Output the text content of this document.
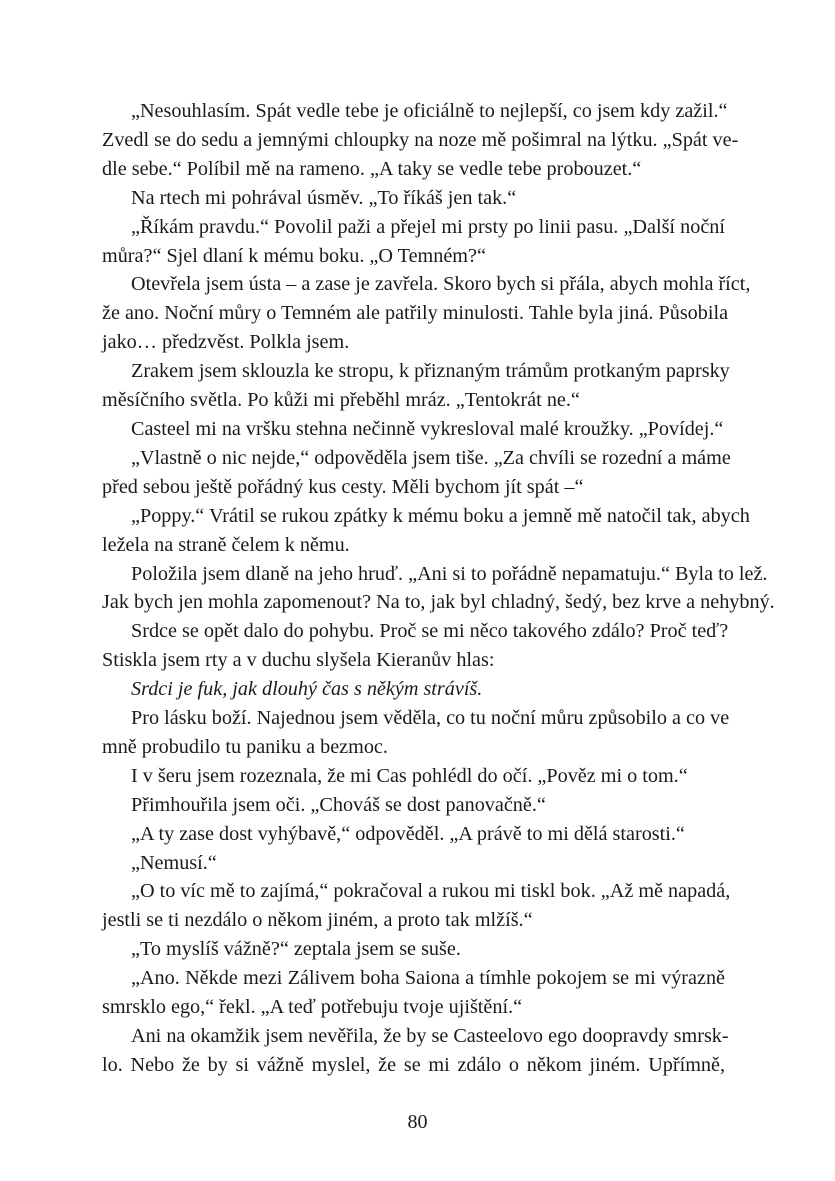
„Nesouhlasím. Spát vedle tebe je oficiálně to nejlepší, co jsem kdy zažil.“
Zvedl se do sedu a jemnými chloupky na noze mě pošimral na lýtku. „Spát ve-
dle sebe.“ Políbil mě na rameno. „A taky se vedle tebe probouzet.“
Na rtech mi pohrával úsměv. „To říkáš jen tak.“
„Říkám pravdu.“ Povolil paži a přejel mi prsty po linii pasu. „Další noční
můra?“ Sjel dlaní k mému boku. „O Temném?“
Otevřela jsem ústa – a zase je zavřela. Skoro bych si přála, abych mohla říct,
že ano. Noční můry o Temném ale patřily minulosti. Tahle byla jiná. Působila
jako… předzvěst. Polkla jsem.
Zrakem jsem sklouzla ke stropu, k přiznaným trámům protkaným paprsky
měsíčního světla. Po kůži mi přeběhl mráz. „Tentokrát ne.“
Casteel mi na vršku stehna nečinně vykresloval malé kroužky. „Povídej.“
„Vlastně o nic nejde,“ odpověděla jsem tiše. „Za chvíli se rozední a máme
před sebou ještě pořádný kus cesty. Měli bychom jít spát –“
„Poppy.“ Vrátil se rukou zpátky k mému boku a jemně mě natočil tak, abych
ležela na straně čelem k němu.
Položila jsem dlaně na jeho hruď. „Ani si to pořádně nepamatuju.“ Byla to lež.
Jak bych jen mohla zapomenout? Na to, jak byl chladný, šedý, bez krve a nehybný.
Srdce se opět dalo do pohybu. Proč se mi něco takového zdálo? Proč teď?
Stiskla jsem rty a v duchu slyšela Kieranův hlas:
Srdci je fuk, jak dlouhý čas s někým strávíš.
Pro lásku boží. Najednou jsem věděla, co tu noční můru způsobilo a co ve
mně probudilo tu paniku a bezmoc.
I v šeru jsem rozeznala, že mi Cas pohlédl do očí. „Pověz mi o tom.“
Přimhouřila jsem oči. „Chováš se dost panovačně.“
„A ty zase dost vyhýbavě,“ odpověděl. „A právě to mi dělá starosti.“
„Nemusí.“
„O to víc mě to zajímá,“ pokračoval a rukou mi tiskl bok. „Až mě napadá,
jestli se ti nezdálo o někom jiném, a proto tak mlžíš.“
„To myslíš vážně?“ zeptala jsem se suše.
„Ano. Někde mezi Zálivem boha Saiona a tímhle pokojem se mi výrazně
smrsklo ego,“ řekl. „A teď potřebuju tvoje ujištění.“
Ani na okamžik jsem nevěřila, že by se Casteelovo ego doopravdy smrsk-
lo. Nebo že by si vážně myslel, že se mi zdálo o někom jiném. Upřímně,
80
